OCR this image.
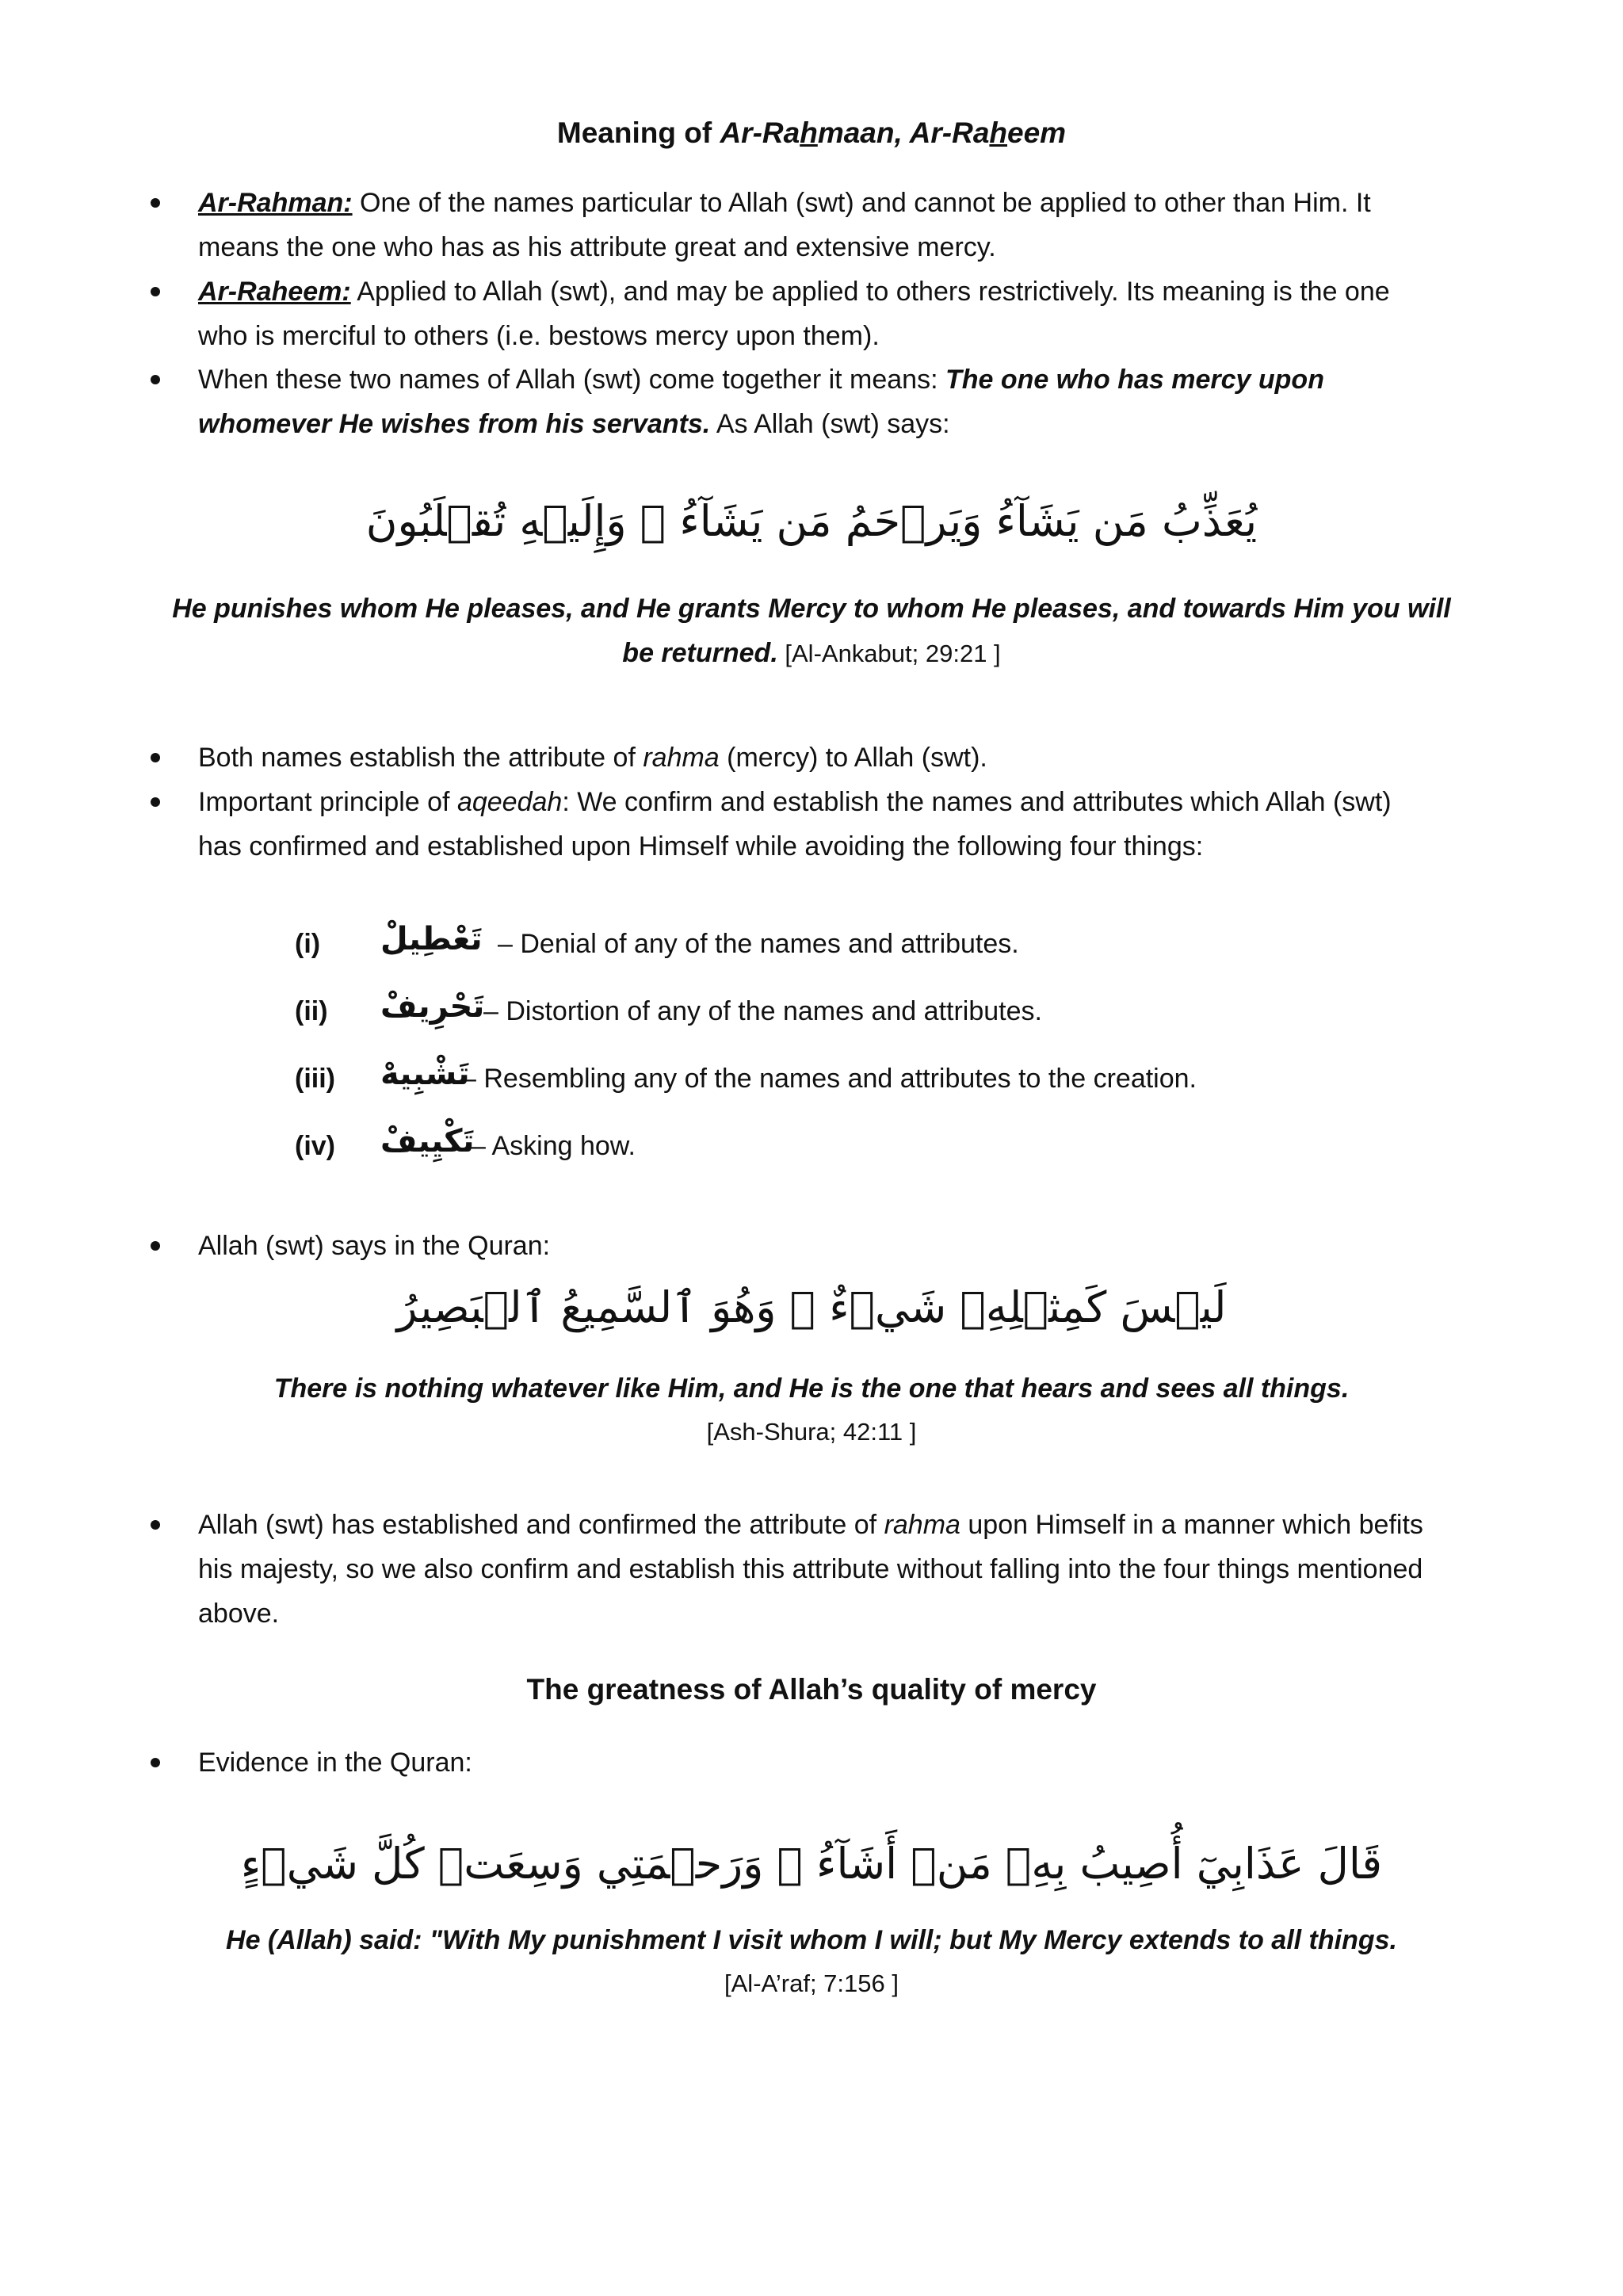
Meaning of Ar-Rahmaan, Ar-Raheem
Ar-Rahman: One of the names particular to Allah (swt) and cannot be applied to other than Him. It means the one who has as his attribute great and extensive mercy.
Ar-Raheem: Applied to Allah (swt), and may be applied to others restrictively. Its meaning is the one who is merciful to others (i.e. bestows mercy upon them).
When these two names of Allah (swt) come together it means: The one who has mercy upon whomever He wishes from his servants. As Allah (swt) says:
يُعَذِّبُ مَن يَشَآءُ وَيَرۡحَمُ مَن يَشَآءُ ۖ وَإِلَيۡهِ تُقۡلَبُونَ
He punishes whom He pleases, and He grants Mercy to whom He pleases, and towards Him you will be returned. [Al-Ankabut; 29:21 ]
Both names establish the attribute of rahma (mercy) to Allah (swt).
Important principle of aqeedah: We confirm and establish the names and attributes which Allah (swt) has confirmed and established upon Himself while avoiding the following four things:
(i) تَعْطِيلْ – Denial of any of the names and attributes.
(ii) تَحْرِيفْ
– Distortion of any of the names and attributes.
(iii) تَشْبِيهْ
– Resembling any of the names and attributes to the creation.
(iv) تَكْيِيفْ
– Asking how.
Allah (swt) says in the Quran:
لَيۡسَ كَمِثۡلِهِۦ شَيۡءٌ ۖ وَهُوَ ٱلسَّمِيعُ ٱلۡبَصِيرُ
There is nothing whatever like Him, and He is the one that hears and sees all things.
[Ash-Shura; 42:11 ]
Allah (swt) has established and confirmed the attribute of rahma upon Himself in a manner which befits his majesty, so we also confirm and establish this attribute without falling into the four things mentioned above.
The greatness of Allah’s quality of mercy
Evidence in the Quran:
قَالَ عَذَابِيٓ أُصِيبُ بِهِۦ مَنۡ أَشَآءُ ۖ وَرَحۡمَتِي وَسِعَتۡ كُلَّ شَيۡءٍ
He (Allah) said: "With My punishment I visit whom I will; but My Mercy extends to all things.
[Al-A’raf; 7:156 ]
